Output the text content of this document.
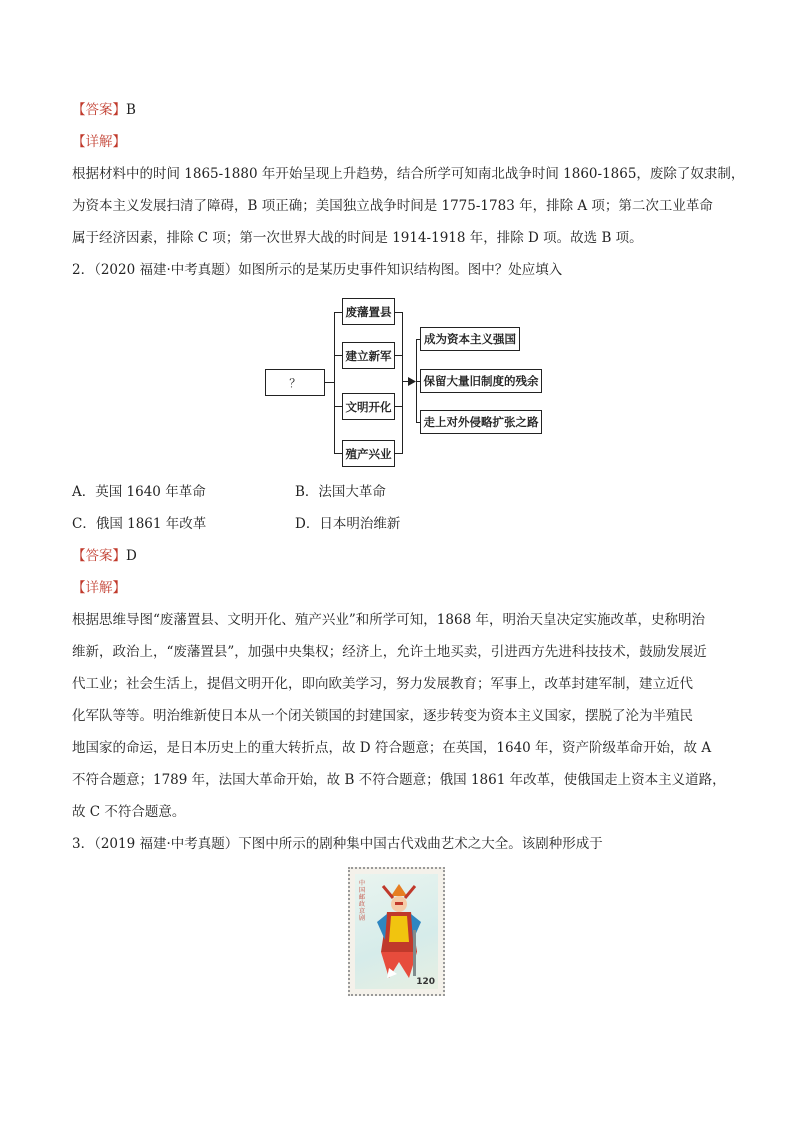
【答案】B
【详解】
根据材料中的时间 1865-1880 年开始呈现上升趋势，结合所学可知南北战争时间 1860-1865，废除了奴隶制，
为资本主义发展扫清了障碍，B 项正确；美国独立战争时间是 1775-1783 年，排除 A 项；第二次工业革命
属于经济因素，排除 C 项；第一次世界大战的时间是 1914-1918 年，排除 D 项。故选 B 项。
2．（2020 福建·中考真题）如图所示的是某历史事件知识结构图。图中？处应填入
？
废藩置县
建立新军
文明开化
殖产兴业
成为资本主义强国
保留大量旧制度的残余
走上对外侵略扩张之路
A．英国 1640 年革命	B．法国大革命
C．俄国 1861 年改革	D．日本明治维新
【答案】D
【详解】
根据思维导图“废藩置县、文明开化、殖产兴业”和所学可知，1868 年，明治天皇决定实施改革，史称明治
维新，政治上，“废藩置县”，加强中央集权；经济上，允许土地买卖，引进西方先进科技技术，鼓励发展近
代工业；社会生活上，提倡文明开化，即向欧美学习，努力发展教育；军事上，改革封建军制，建立近代
化军队等等。明治维新使日本从一个闭关锁国的封建国家，逐步转变为资本主义国家，摆脱了沦为半殖民
地国家的命运，是日本历史上的重大转折点，故 D 符合题意；在英国，1640 年，资产阶级革命开始，故 A
不符合题意；1789 年，法国大革命开始，故 B 不符合题意；俄国 1861 年改革，使俄国走上资本主义道路，
故 C 不符合题意。
3．（2019 福建·中考真题）下图中所示的剧种集中国古代戏曲艺术之大全。该剧种形成于
中国邮政 京剧
120
